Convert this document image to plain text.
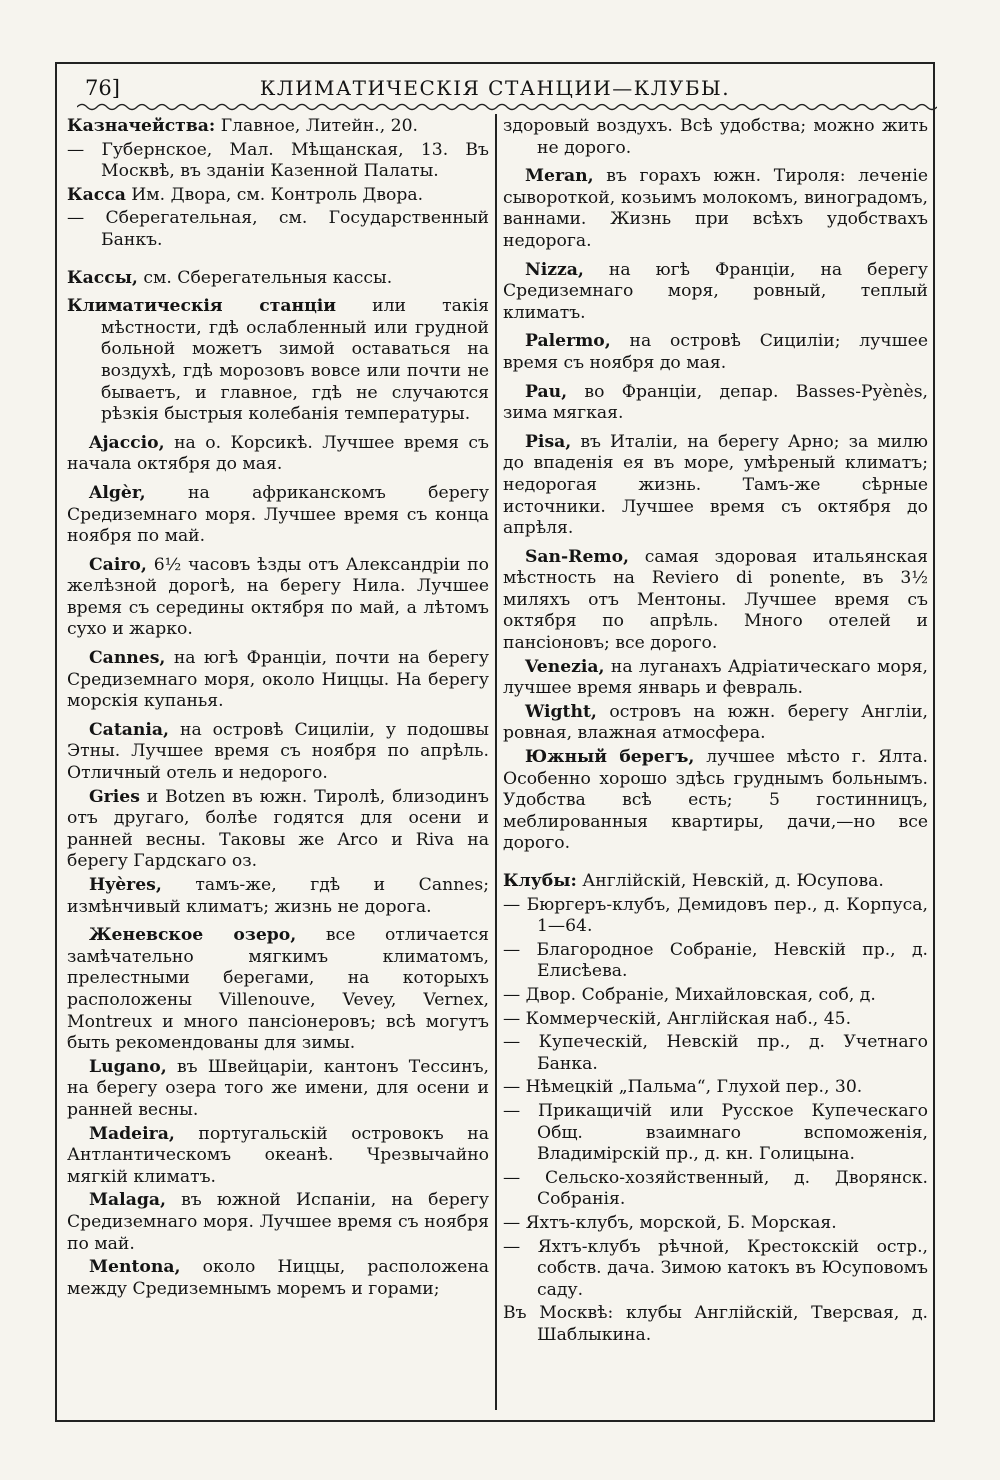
76]	КЛИМАТИЧЕСКІЯ СТАНЦИИ—КЛУБЫ.

Казначейства: Главное, Литейн., 20.

— Губернское, Мал. Мѣщанская, 13. Въ Москвѣ, въ зданіи Казенной Палаты.

Касса Им. Двора, см. Контроль Двора.

— Сберегательная, см. Государственный Банкъ.

Кассы, см. Сберегательныя кассы.

Климатическія станціи или такія мѣстности, гдѣ ослабленный или грудной больной можетъ зимой оставаться на воздухѣ, гдѣ морозовъ вовсе или почти не бываетъ, и главное, гдѣ не случаются рѣзкія быстрыя колебанія температуры.

Ajaccio, на о. Корсикѣ. Лучшее время съ начала октября до мая.

Algèr, на африканскомъ берегу Средиземнаго моря. Лучшее время съ конца ноября по май.

Cairo, 6½ часовъ ѣзды отъ Александріи по желѣзной дорогѣ, на берегу Нила. Лучшее время съ середины октября по май, а лѣтомъ сухо и жарко.

Cannes, на югѣ Франціи, почти на берегу Средиземнаго моря, около Ниццы. На берегу морскія купанья.

Catania, на островѣ Сициліи, у подошвы Этны. Лучшее время съ ноября по апрѣль. Отличный отель и недорого.

Gries и Botzen въ южн. Тиролѣ, близодинъ отъ другаго, болѣе годятся для осени и ранней весны. Таковы же Arco и Riva на берегу Гардскаго оз.

Hyères, тамъ-же, гдѣ и Cannes; измѣнчивый климатъ; жизнь не дорога.

Женевское озеро, все отличается замѣчательно мягкимъ климатомъ, прелестными берегами, на которыхъ расположены Villenouve, Vevey, Vernex, Montreux и много пансіонеровъ; всѣ могутъ быть рекомендованы для зимы.

Lugano, въ Швейцаріи, кантонъ Тессинъ, на берегу озера того же имени, для осени и ранней весны.

Madeira, португальскій островокъ на Антлантическомъ океанѣ. Чрезвычайно мягкій климатъ.

Malaga, въ южной Испаніи, на берегу Средиземнаго моря. Лучшее время съ ноября по май.

Mentona, около Ниццы, расположена между Средиземнымъ моремъ и горами;

здоровый воздухъ. Всѣ удобства; можно жить не дорого.

Meran, въ горахъ южн. Тироля: леченіе сывороткой, козьимъ молокомъ, виноградомъ, ваннами. Жизнь при всѣхъ удобствахъ недорога.

Nizza, на югѣ Франціи, на берегу Средиземнаго моря, ровный, теплый климатъ.

Palermo, на островѣ Сициліи; лучшее время съ ноября до мая.

Pau, во Франціи, депар. Basses-Pyènès, зима мягкая.

Pisa, въ Италіи, на берегу Арно; за милю до впаденія ея въ море, умѣреный климатъ; недорогая жизнь. Тамъ-же сѣрные источники. Лучшее время съ октября до апрѣля.

San-Remo, самая здоровая итальянская мѣстность на Reviero di ponente, въ 3½ миляхъ отъ Ментоны. Лучшее время съ октября по апрѣль. Много отелей и пансіоновъ; все дорого.

Venezia, на луганахъ Адріатическаго моря, лучшее время январь и февраль.

Wigtht, островъ на южн. берегу Англіи, ровная, влажная атмосфера.

Южный берегъ, лучшее мѣсто г. Ялта. Особенно хорошо здѣсь груднымъ больнымъ. Удобства всѣ есть; 5 гостинницъ, меблированныя квартиры, дачи,—но все дорого.

Клубы: Англійскій, Невскій, д. Юсупова.

— Бюргеръ-клубъ, Демидовъ пер., д. Корпуса, 1—64.

— Благородное Собраніе, Невскій пр., д. Елисѣева.

— Двор. Собраніе, Михайловская, соб, д.

— Коммерческій, Англійская наб., 45.

— Купеческій, Невскій пр., д. Учетнаго Банка.

— Нѣмецкій „Пальма“, Глухой пер., 30.

— Прикащичій или Русское Купеческаго Общ. взаимнаго вспоможенія, Владимірскій пр., д. кн. Голицына.

— Сельско-хозяйственный, д. Дворянск. Собранія.

— Яхтъ-клубъ, морской, Б. Морская.

— Яхтъ-клубъ рѣчной, Крестокскій остр., собств. дача. Зимою катокъ въ Юсуповомъ саду.

Въ Москвѣ: клубы Англійскій, Тверсвая, д. Шаблыкина.
